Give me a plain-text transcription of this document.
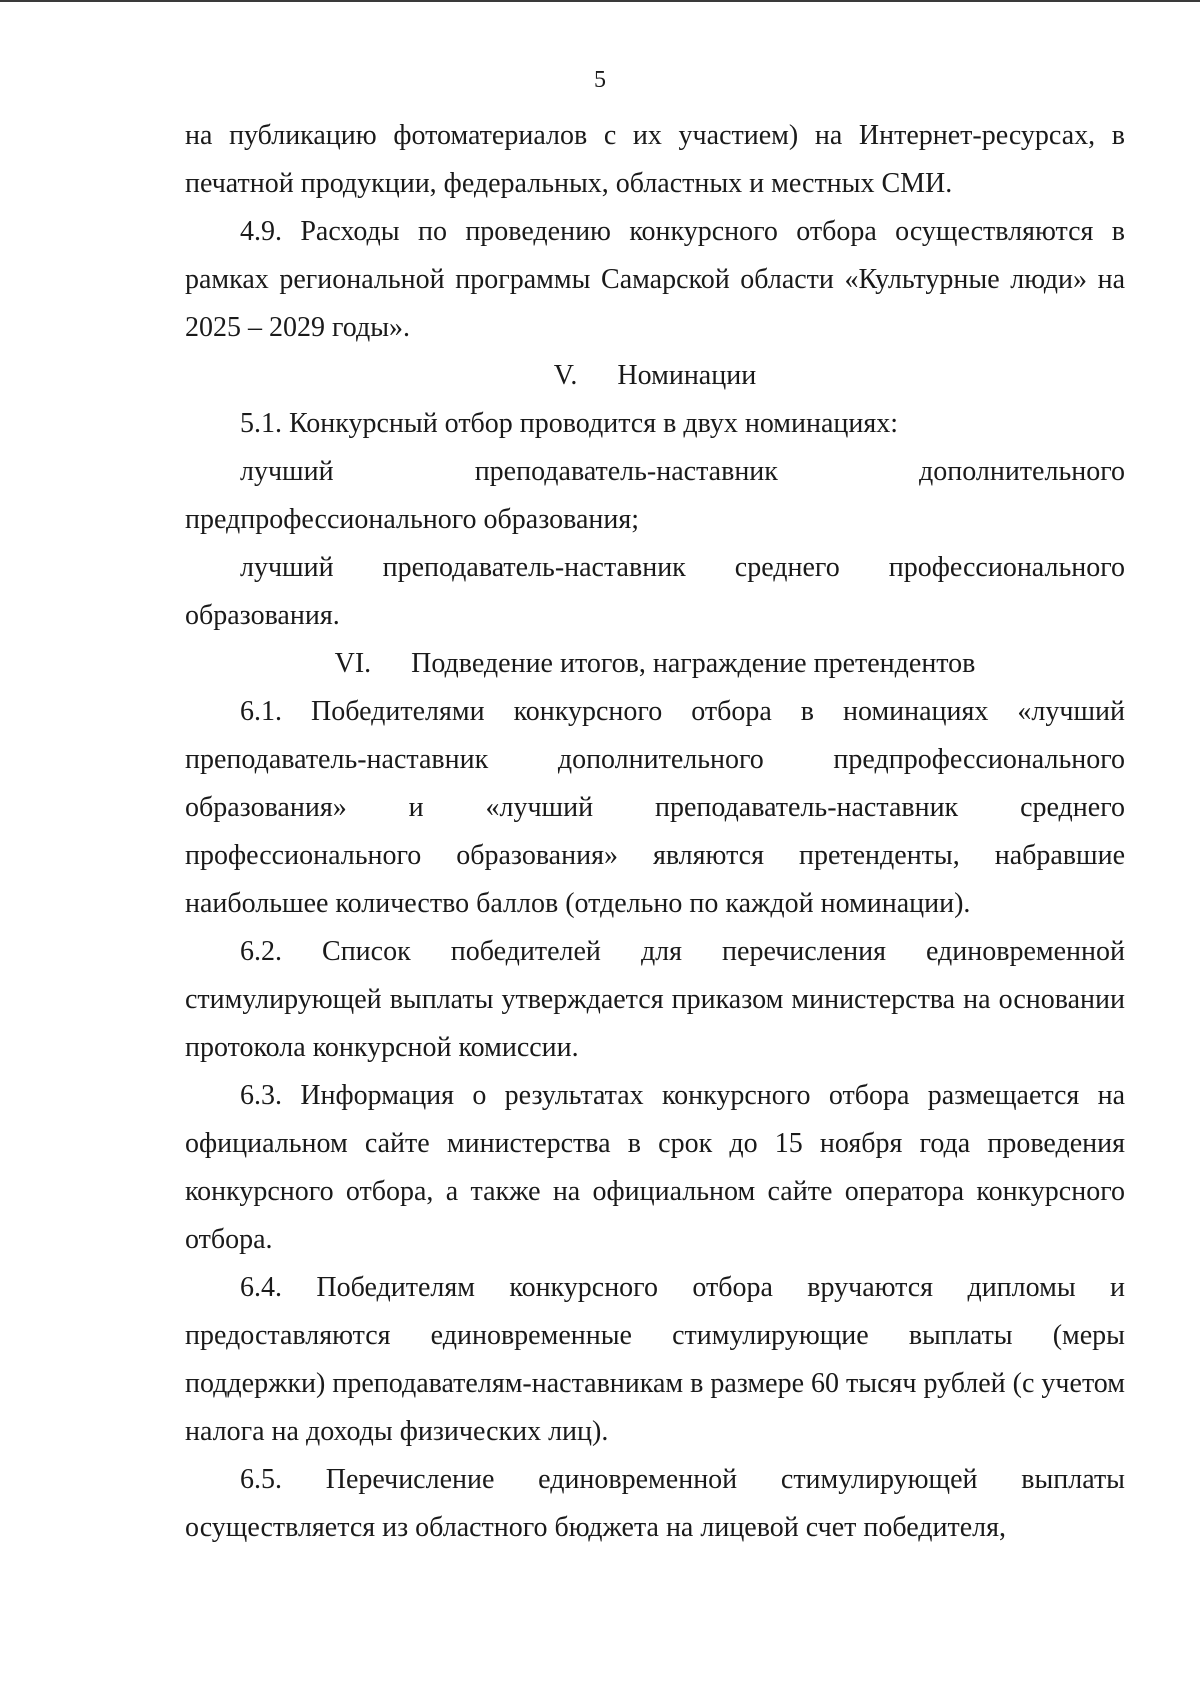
5

на публикацию фотоматериалов с их участием) на Интернет-ресурсах, в печатной продукции, федеральных, областных и местных СМИ.

4.9. Расходы по проведению конкурсного отбора осуществляются в рамках региональной программы Самарской области «Культурные люди» на 2025 – 2029 годы».

V. Номинации

5.1. Конкурсный отбор проводится в двух номинациях:

лучший преподаватель-наставник дополнительного предпрофессионального образования;

лучший преподаватель-наставник среднего профессионального образования.

VI. Подведение итогов, награждение претендентов

6.1. Победителями конкурсного отбора в номинациях «лучший преподаватель-наставник дополнительного предпрофессионального образования» и «лучший преподаватель-наставник среднего профессионального образования» являются претенденты, набравшие наибольшее количество баллов (отдельно по каждой номинации).

6.2. Список победителей для перечисления единовременной стимулирующей выплаты утверждается приказом министерства на основании протокола конкурсной комиссии.

6.3. Информация о результатах конкурсного отбора размещается на официальном сайте министерства в срок до 15 ноября года проведения конкурсного отбора, а также на официальном сайте оператора конкурсного отбора.

6.4. Победителям конкурсного отбора вручаются дипломы и предоставляются единовременные стимулирующие выплаты (меры поддержки) преподавателям-наставникам в размере 60 тысяч рублей (с учетом налога на доходы физических лиц).

6.5. Перечисление единовременной стимулирующей выплаты осуществляется из областного бюджета на лицевой счет победителя,
